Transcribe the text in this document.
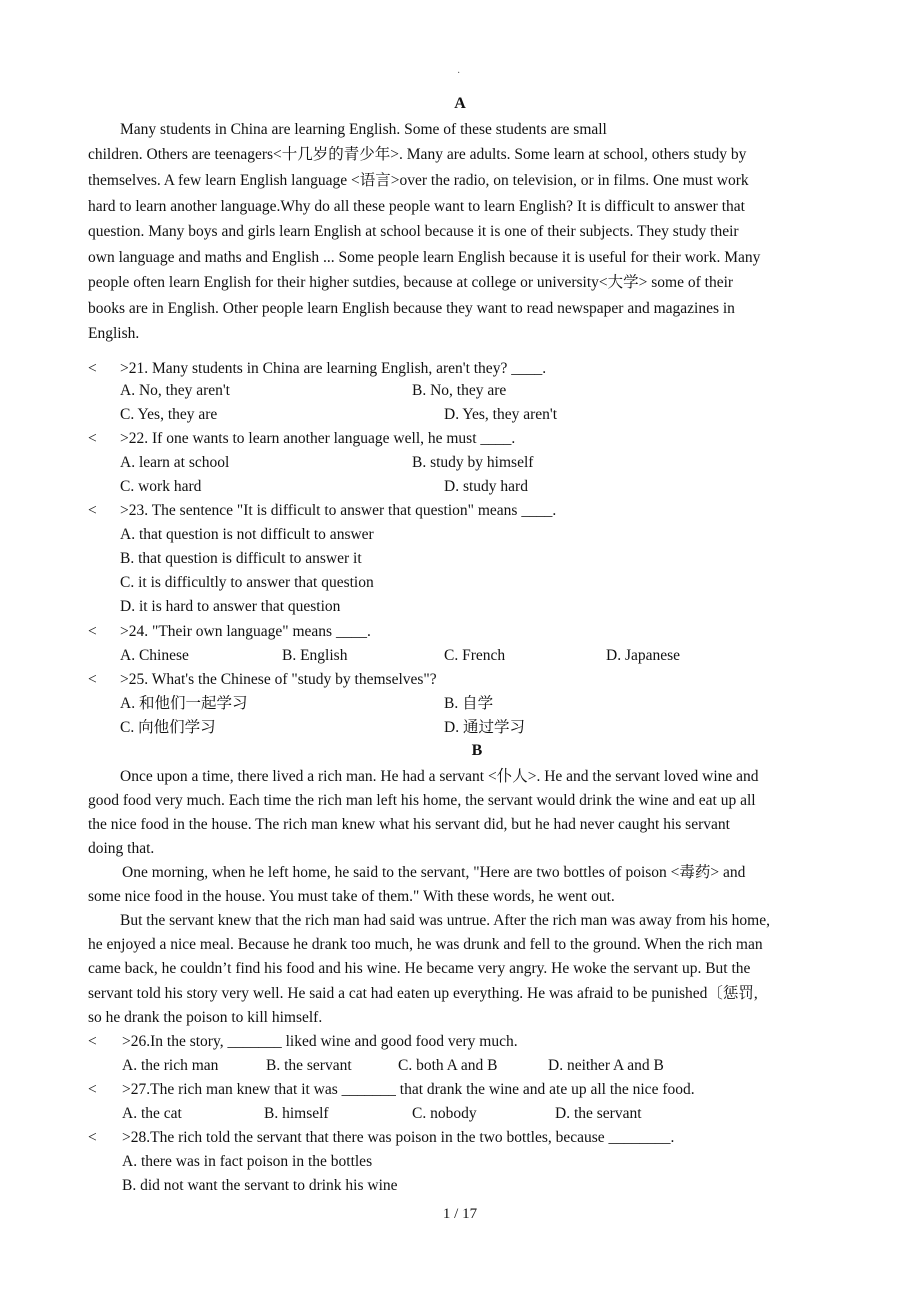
·
A
Many students in China are learning English. Some of these students are small
children. Others are teenagers<十几岁的青少年>. Many are adults. Some learn at school, others study by
themselves. A few learn English language <语言>over the radio, on television, or in films. One must work
hard to learn another language.Why do all these people want to learn English? It is difficult to answer that
question. Many boys and girls learn English at school because it is one of their subjects. They study their
own language and maths and English ... Some people learn English because it is useful for their work. Many
people often learn English for their higher sutdies, because at college or university<大学> some of their
books are in English. Other people learn English because they want to read newspaper and magazines in
English.
< >21. Many students in China are learning English, aren't they? ____.
A. No, they aren't	B. No, they are
C. Yes, they are	D. Yes, they aren't
< >22. If one wants to learn another language well, he must ____.
A. learn at school	B. study by himself
C. work hard	D. study hard
< >23. The sentence "It is difficult to answer that question" means ____.
A. that question is not difficult to answer
B. that question is difficult to answer it
C. it is difficultly to answer that question
D. it is hard to answer that question
< >24. "Their own language" means ____.
A. Chinese	B. English	C. French	D. Japanese
< >25. What's the Chinese of "study by themselves"?
A. 和他们一起学习	B. 自学
C. 向他们学习	D. 通过学习
B
Once upon a time, there lived a rich man. He had a servant <仆人>. He and the servant loved wine and
good food very much. Each time the rich man left his home, the servant would drink the wine and eat up all
the nice food in the house. The rich man knew what his servant did, but he had never caught his servant
doing that.
One morning, when he left home, he said to the servant, "Here are two bottles of poison <毒药> and
some nice food in the house. You must take of them." With these words, he went out.
But the servant knew that the rich man had said was untrue. After the rich man was away from his home,
he enjoyed a nice meal. Because he drank too much, he was drunk and fell to the ground. When the rich man
came back, he couldn’t find his food and his wine. He became very angry. He woke the servant up. But the
servant told his story very well. He said a cat had eaten up everything. He was afraid to be punished〔惩罚,
so he drank the poison to kill himself.
< >26.In the story, _______ liked wine and good food very much.
A. the rich man	B. the servant	C. both A and B	D. neither A and B
< >27.The rich man knew that it was _______ that drank the wine and ate up all the nice food.
A. the cat	B. himself	C. nobody	D. the servant
< >28.The rich told the servant that there was poison in the two bottles, because ________.
A. there was in fact poison in the bottles
B. did not want the servant to drink his wine
1 / 17
